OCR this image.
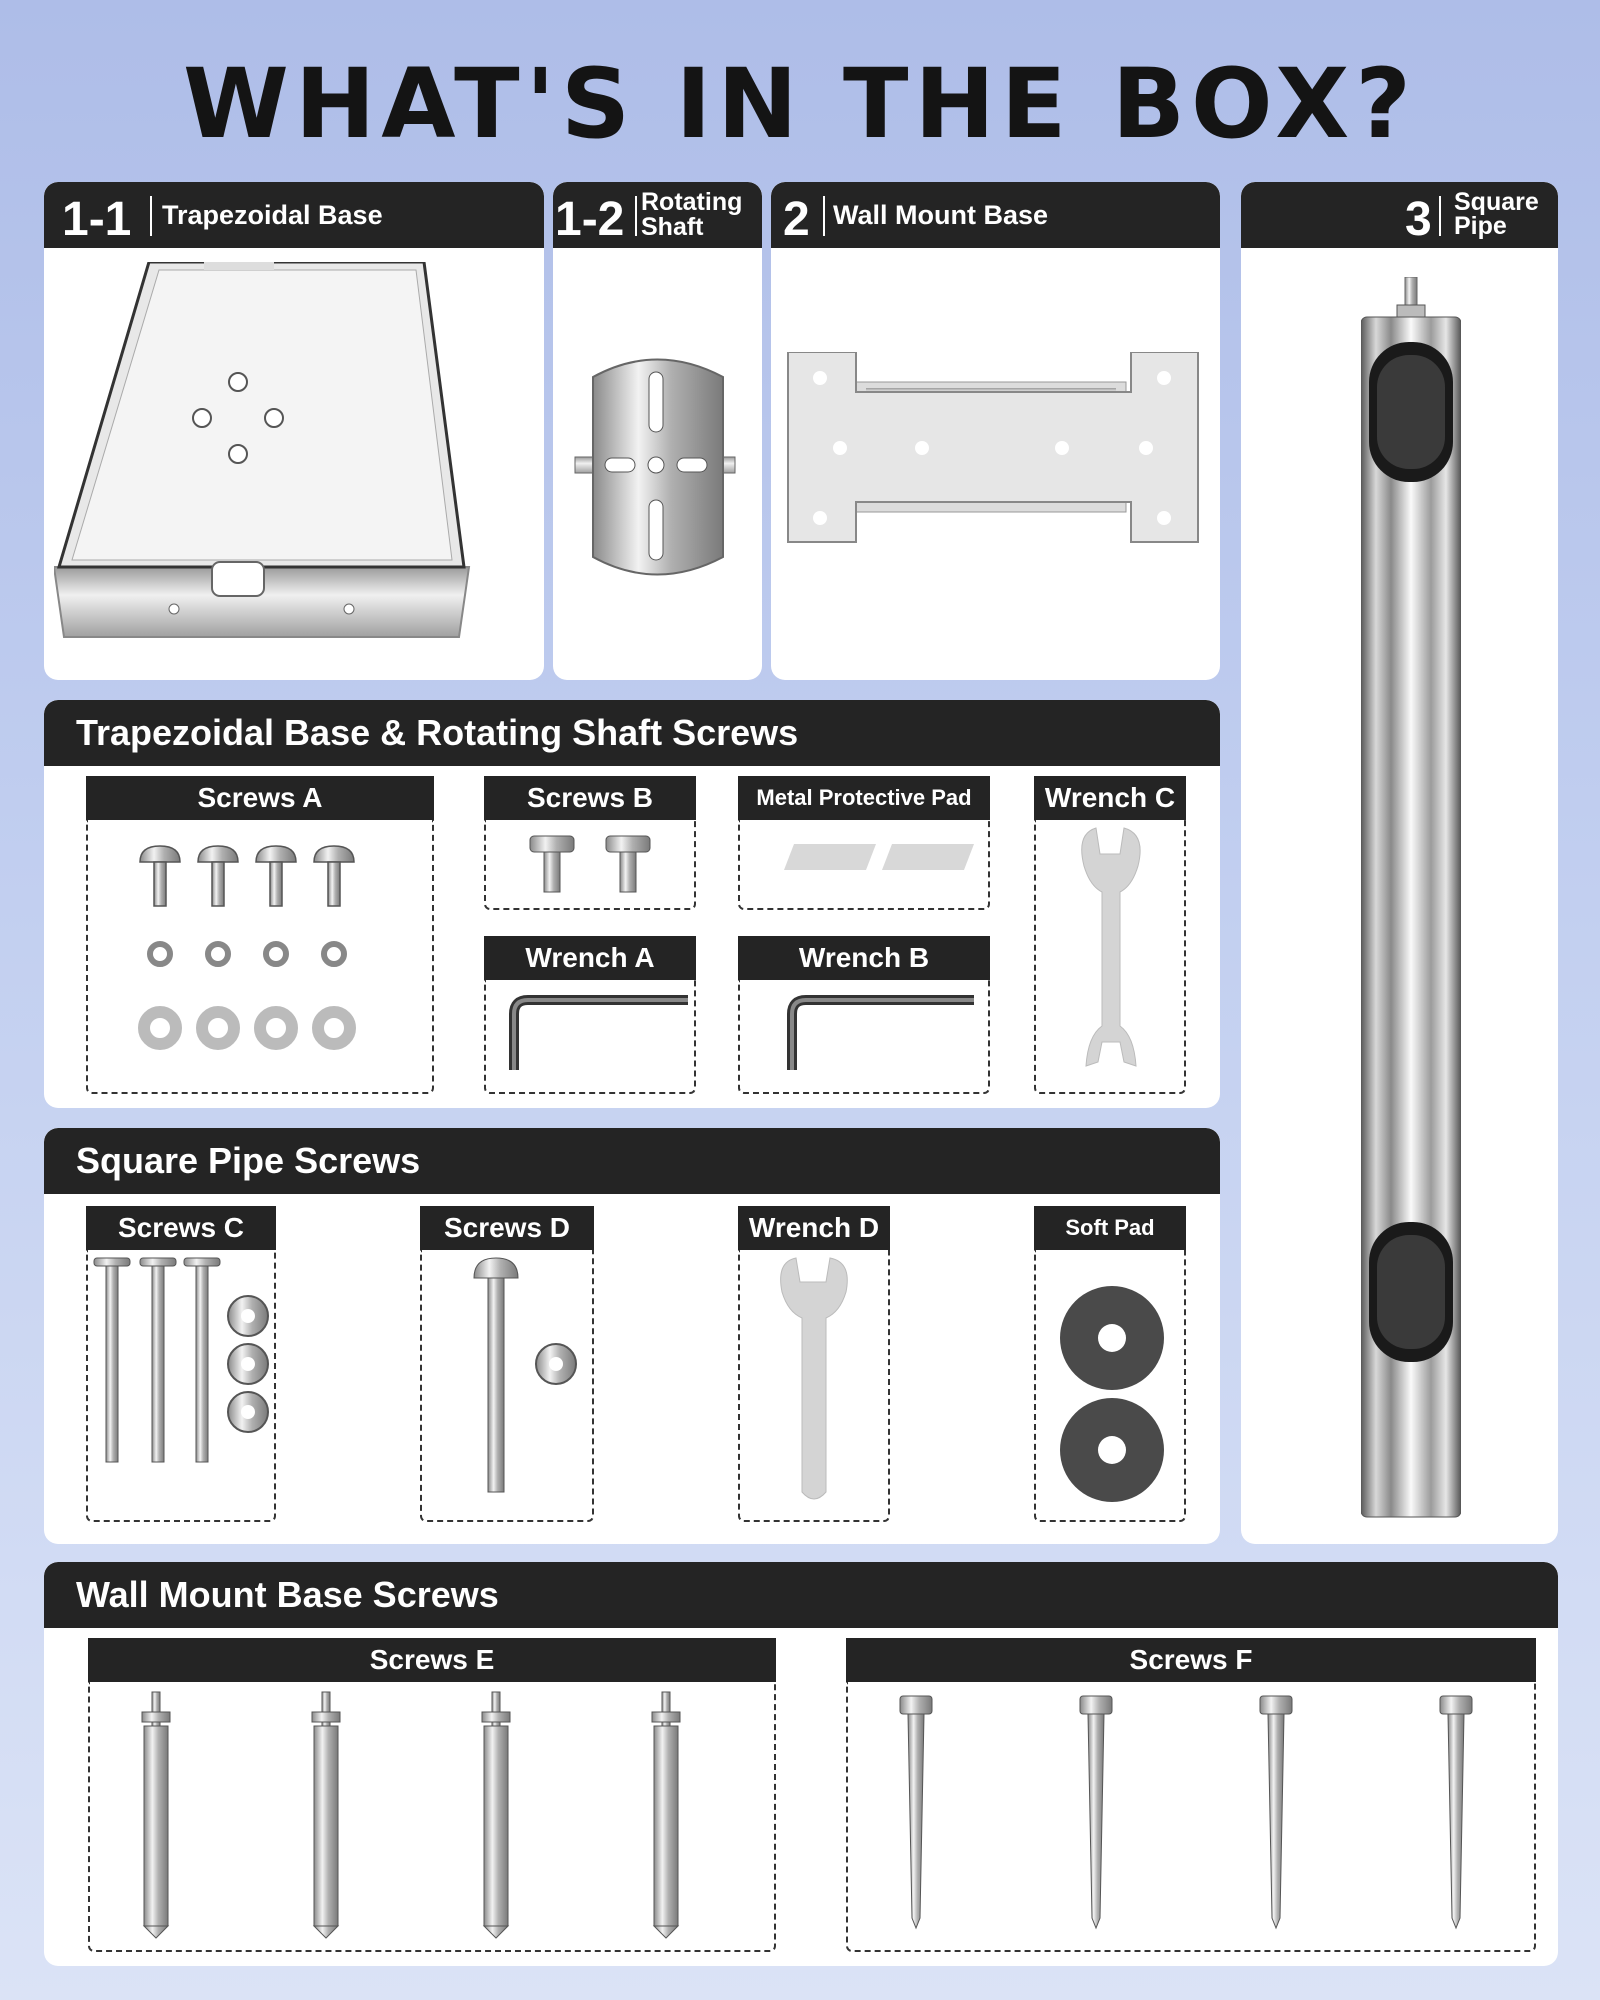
WHAT'S IN THE BOX?
1-1 Trapezoidal Base	1-2 Rotating
Shaft 2 Wall Mount Base	3 Square
Pipe
Trapezoidal Base & Rotating Shaft Screws
Screws A	Screws B	Metal Protective Pad	Wrench C
Wrench A	Wrench B
Square Pipe Screws
Screws C	Screws D	Wrench D	Soft Pad
Wall Mount Base Screws
Screws E	Screws F
